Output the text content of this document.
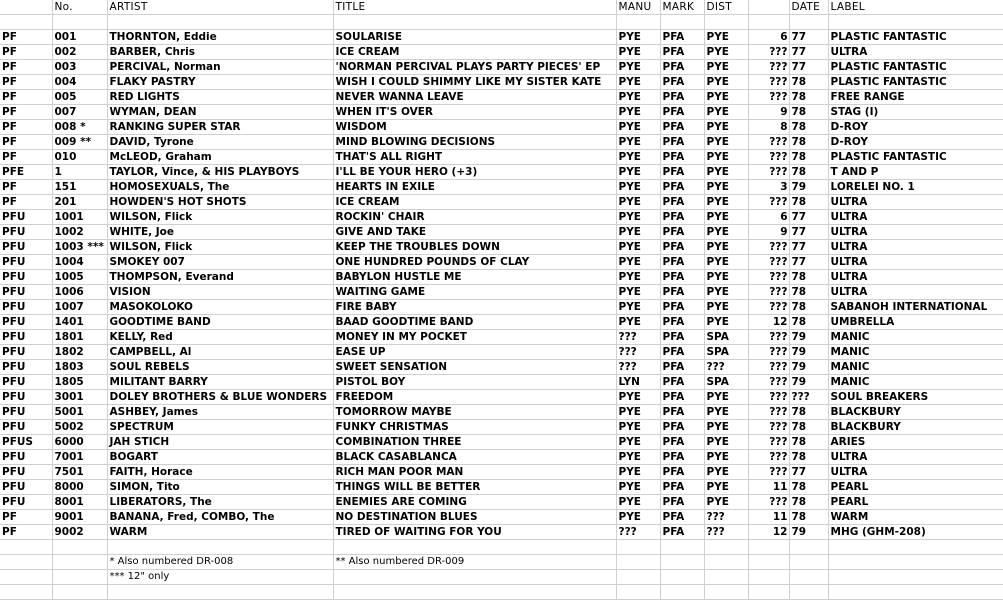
	No.	ARTIST	TITLE	MANU	MARK	DIST		DATE	LABEL

PF	001	THORNTON, Eddie	SOULARISE	PYE	PFA	PYE	6	77	PLASTIC FANTASTIC
PF	002	BARBER, Chris	ICE CREAM	PYE	PFA	PYE	???	77	ULTRA
PF	003	PERCIVAL, Norman	'NORMAN PERCIVAL PLAYS PARTY PIECES' EP	PYE	PFA	PYE	???	77	PLASTIC FANTASTIC
PF	004	FLAKY PASTRY	WISH I COULD SHIMMY LIKE MY SISTER KATE	PYE	PFA	PYE	???	78	PLASTIC FANTASTIC
PF	005	RED LIGHTS	NEVER WANNA LEAVE	PYE	PFA	PYE	???	78	FREE RANGE
PF	007	WYMAN, DEAN	WHEN IT'S OVER	PYE	PFA	PYE	9	78	STAG (I)
PF	008 *	RANKING SUPER STAR	WISDOM	PYE	PFA	PYE	8	78	D-ROY
PF	009 **	DAVID, Tyrone	MIND BLOWING DECISIONS	PYE	PFA	PYE	???	78	D-ROY
PF	010	McLEOD, Graham	THAT'S ALL RIGHT	PYE	PFA	PYE	???	78	PLASTIC FANTASTIC
PFE	1	TAYLOR, Vince, & HIS PLAYBOYS	I'LL BE YOUR HERO (+3)	PYE	PFA	PYE	???	78	T AND P
PF	151	HOMOSEXUALS, The	HEARTS IN EXILE	PYE	PFA	PYE	3	79	LORELEI NO. 1
PF	201	HOWDEN'S HOT SHOTS	ICE CREAM	PYE	PFA	PYE	???	78	ULTRA
PFU	1001	WILSON, Flick	ROCKIN' CHAIR	PYE	PFA	PYE	6	77	ULTRA
PFU	1002	WHITE, Joe	GIVE AND TAKE	PYE	PFA	PYE	9	77	ULTRA
PFU	1003 ***	WILSON, Flick	KEEP THE TROUBLES DOWN	PYE	PFA	PYE	???	77	ULTRA
PFU	1004	SMOKEY 007	ONE HUNDRED POUNDS OF CLAY	PYE	PFA	PYE	???	77	ULTRA
PFU	1005	THOMPSON, Everand	BABYLON HUSTLE ME	PYE	PFA	PYE	???	78	ULTRA
PFU	1006	VISION	WAITING GAME	PYE	PFA	PYE	???	78	ULTRA
PFU	1007	MASOKOLOKO	FIRE BABY	PYE	PFA	PYE	???	78	SABANOH INTERNATIONAL
PFU	1401	GOODTIME BAND	BAAD GOODTIME BAND	PYE	PFA	PYE	12	78	UMBRELLA
PFU	1801	KELLY, Red	MONEY IN MY POCKET	???	PFA	SPA	???	79	MANIC
PFU	1802	CAMPBELL, Al	EASE UP	???	PFA	SPA	???	79	MANIC
PFU	1803	SOUL REBELS	SWEET SENSATION	???	PFA	???	???	79	MANIC
PFU	1805	MILITANT BARRY	PISTOL BOY	LYN	PFA	SPA	???	79	MANIC
PFU	3001	DOLEY BROTHERS & BLUE WONDERS	FREEDOM	PYE	PFA	PYE	???	???	SOUL BREAKERS
PFU	5001	ASHBEY, James	TOMORROW MAYBE	PYE	PFA	PYE	???	78	BLACKBURY
PFU	5002	SPECTRUM	FUNKY CHRISTMAS	PYE	PFA	PYE	???	78	BLACKBURY
PFUS	6000	JAH STICH	COMBINATION THREE	PYE	PFA	PYE	???	78	ARIES
PFU	7001	BOGART	BLACK CASABLANCA	PYE	PFA	PYE	???	78	ULTRA
PFU	7501	FAITH, Horace	RICH MAN POOR MAN	PYE	PFA	PYE	???	77	ULTRA
PFU	8000	SIMON, Tito	THINGS WILL BE BETTER	PYE	PFA	PYE	11	78	PEARL
PFU	8001	LIBERATORS, The	ENEMIES ARE COMING	PYE	PFA	PYE	???	78	PEARL
PF	9001	BANANA, Fred, COMBO, The	NO DESTINATION BLUES	PYE	PFA	???	11	78	WARM
PF	9002	WARM	TIRED OF WAITING FOR YOU	???	PFA	???	12	79	MHG (GHM-208)

		* Also numbered DR-008	** Also numbered DR-009						
		*** 12" only							
